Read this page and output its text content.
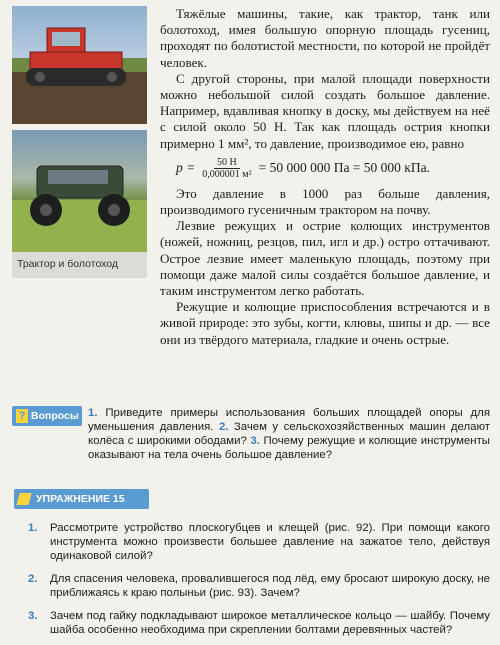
Трактор и болотоход

Тяжёлые машины, такие, как трактор, танк или болотоход, имея большую опорную площадь гусениц, проходят по болотистой местности, по которой не пройдёт человек.

С другой стороны, при малой площади поверхности можно небольшой силой создать большое давление. Например, вдавливая кнопку в доску, мы действуем на неё с силой около 50 Н. Так как площадь острия кнопки примерно 1 мм², то давление, производимое ею, равно

$p = \frac{50 Н}{\text{0,000001 м²}} = 50$ 000 000 Па = 50 000 кПа.

Это давление в 1000 раз больше давления, производимого гусеничным трактором на почву.

Лезвие режущих и острие колющих инструментов (ножей, ножниц, резцов, пил, игл и др.) остро оттачивают. Острое лезвие имеет маленькую площадь, поэтому при помощи даже малой силы создаётся большое давление, и таким инструментом легко работать.

Режущие и колющие приспособления встречаются и в живой природе: это зубы, когти, клювы, шипы и др. — все они из твёрдого материала, гладкие и очень острые.

? Вопросы 1. Приведите примеры использования больших площадей опоры для уменьшения давления. 2. Зачем у сельскохозяйственных машин делают колёса с широкими ободами? 3. Почему режущие и колющие инструменты оказывают на тела очень большое давление?
УПРАЖНЕНИЕ 15
1. Рассмотрите устройство плоскогубцев и клещей (рис. 92). При помощи какого инструмента можно произвести большее давление на зажатое тело, действуя одинаковой силой?
2. Для спасения человека, провалившегося под лёд, ему бросают широкую доску, не приближаясь к краю полыньи (рис. 93). Зачем?
3. Зачем под гайку подкладывают широкое металлическое кольцо — шайбу. Почему шайба особенно необходима при скреплении болтами деревянных частей?
